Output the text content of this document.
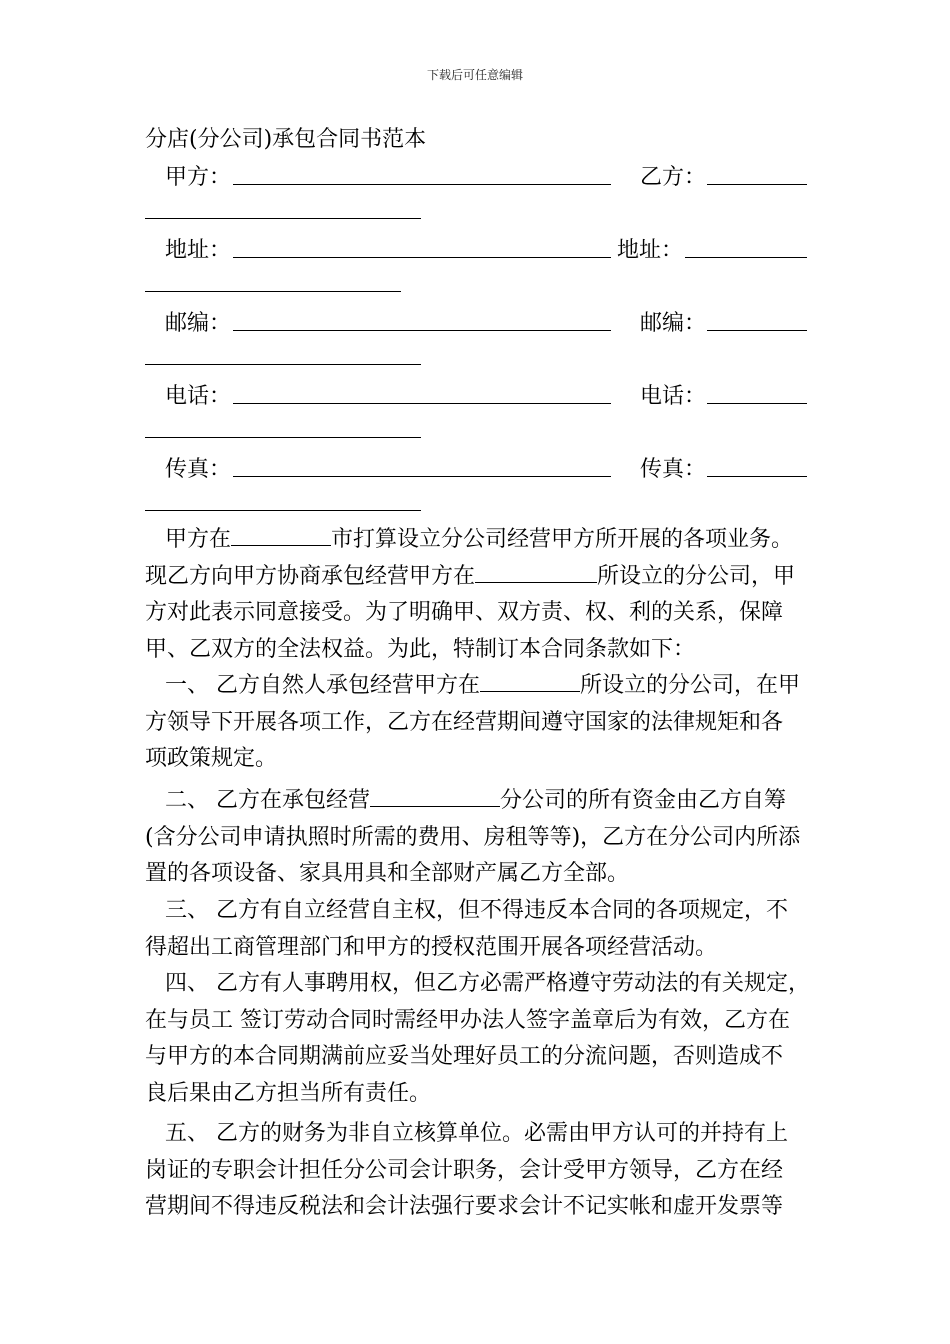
下载后可任意编辑
分店(分公司)承包合同书范本
甲方：	乙方：
地址：	地址：
邮编：	邮编：
电话：	电话：
传真：	传真：
甲方在	市打算设立分公司经营甲方所开展的各项业务。
现乙方向甲方协商承包经营甲方在	所设立的分公司，甲
方对此表示同意接受。为了明确甲、双方责、权、利的关系，保障
甲、乙双方的全法权益。为此，特制订本合同条款如下：
一、 乙方自然人承包经营甲方在	所设立的分公司，在甲
方领导下开展各项工作，乙方在经营期间遵守国家的法律规矩和各
项政策规定。
二、 乙方在承包经营	分公司的所有资金由乙方自筹
(含分公司申请执照时所需的费用、房租等等)，乙方在分公司内所添
置的各项设备、家具用具和全部财产属乙方全部。
三、 乙方有自立经营自主权，但不得违反本合同的各项规定，不
得超出工商管理部门和甲方的授权范围开展各项经营活动。
四、 乙方有人事聘用权，但乙方必需严格遵守劳动法的有关规定，
在与员工 签订劳动合同时需经甲办法人签字盖章后为有效，乙方在
与甲方的本合同期满前应妥当处理好员工的分流问题，否则造成不
良后果由乙方担当所有责任。
五、 乙方的财务为非自立核算单位。必需由甲方认可的并持有上
岗证的专职会计担任分公司会计职务，会计受甲方领导，乙方在经
营期间不得违反税法和会计法强行要求会计不记实帐和虚开发票等
